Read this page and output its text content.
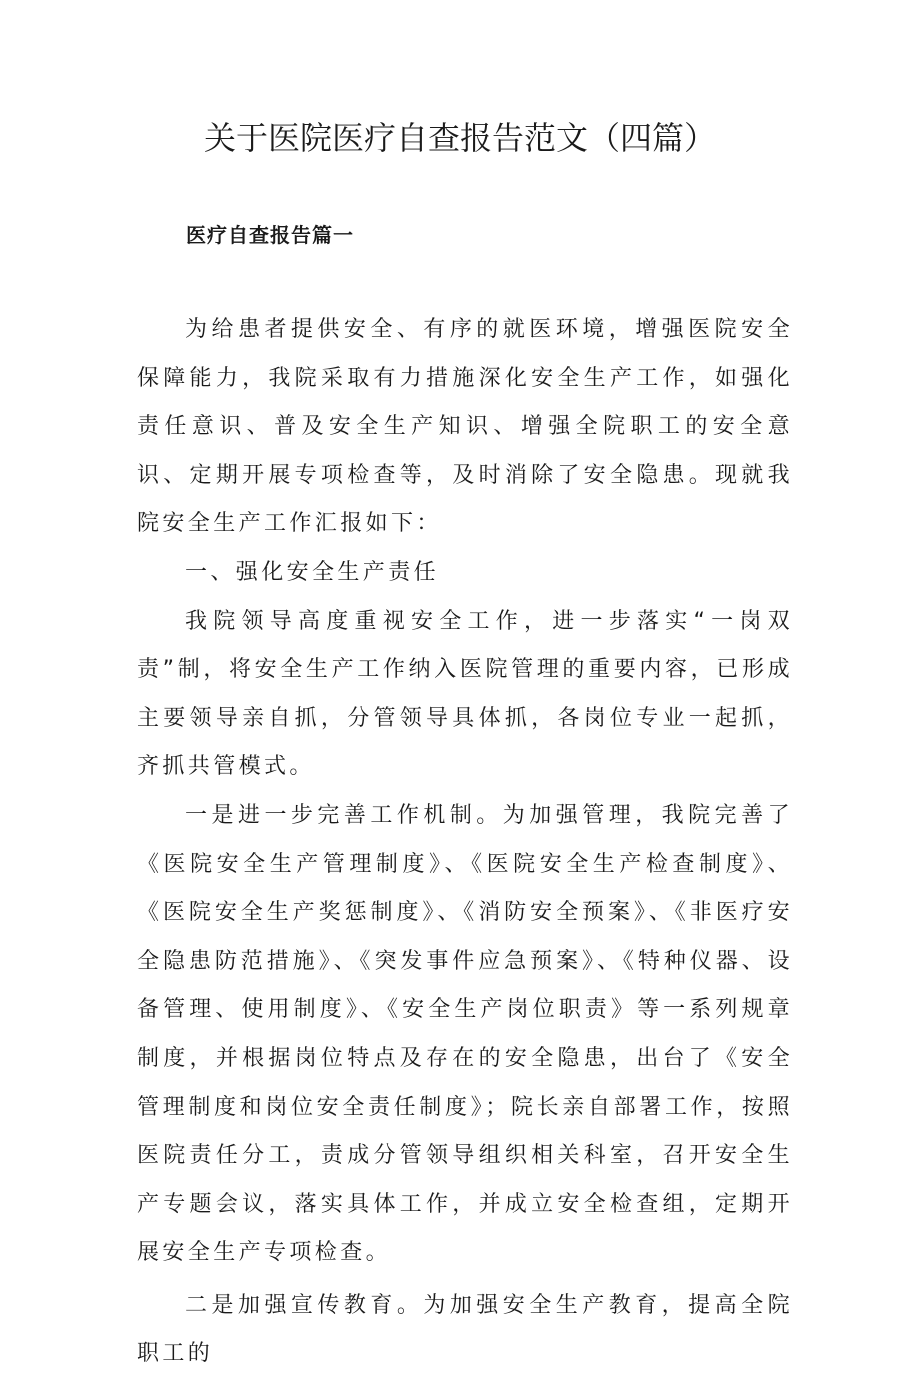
关于医院医疗自查报告范文（四篇）
医疗自查报告篇一

为给患者提供安全、有序的就医环境，增强医院安全保障能力，我院采取有力措施深化安全生产工作，如强化责任意识、普及安全生产知识、增强全院职工的安全意识、定期开展专项检查等，及时消除了安全隐患。现就我院安全生产工作汇报如下：

一、强化安全生产责任

我院领导高度重视安全工作，进一步落实“一岗双责”制，将安全生产工作纳入医院管理的重要内容，已形成主要领导亲自抓，分管领导具体抓，各岗位专业一起抓，齐抓共管模式。

一是进一步完善工作机制。为加强管理，我院完善了《医院安全生产管理制度》、《医院安全生产检查制度》、《医院安全生产奖惩制度》、《消防安全预案》、《非医疗安全隐患防范措施》、《突发事件应急预案》、《特种仪器、设备管理、使用制度》、《安全生产岗位职责》等一系列规章制度，并根据岗位特点及存在的安全隐患，出台了《安全管理制度和岗位安全责任制度》；院长亲自部署工作，按照医院责任分工，责成分管领导组织相关科室，召开安全生产专题会议，落实具体工作，并成立安全检查组，定期开展安全生产专项检查。

二是加强宣传教育。为加强安全生产教育，提高全院职工的
